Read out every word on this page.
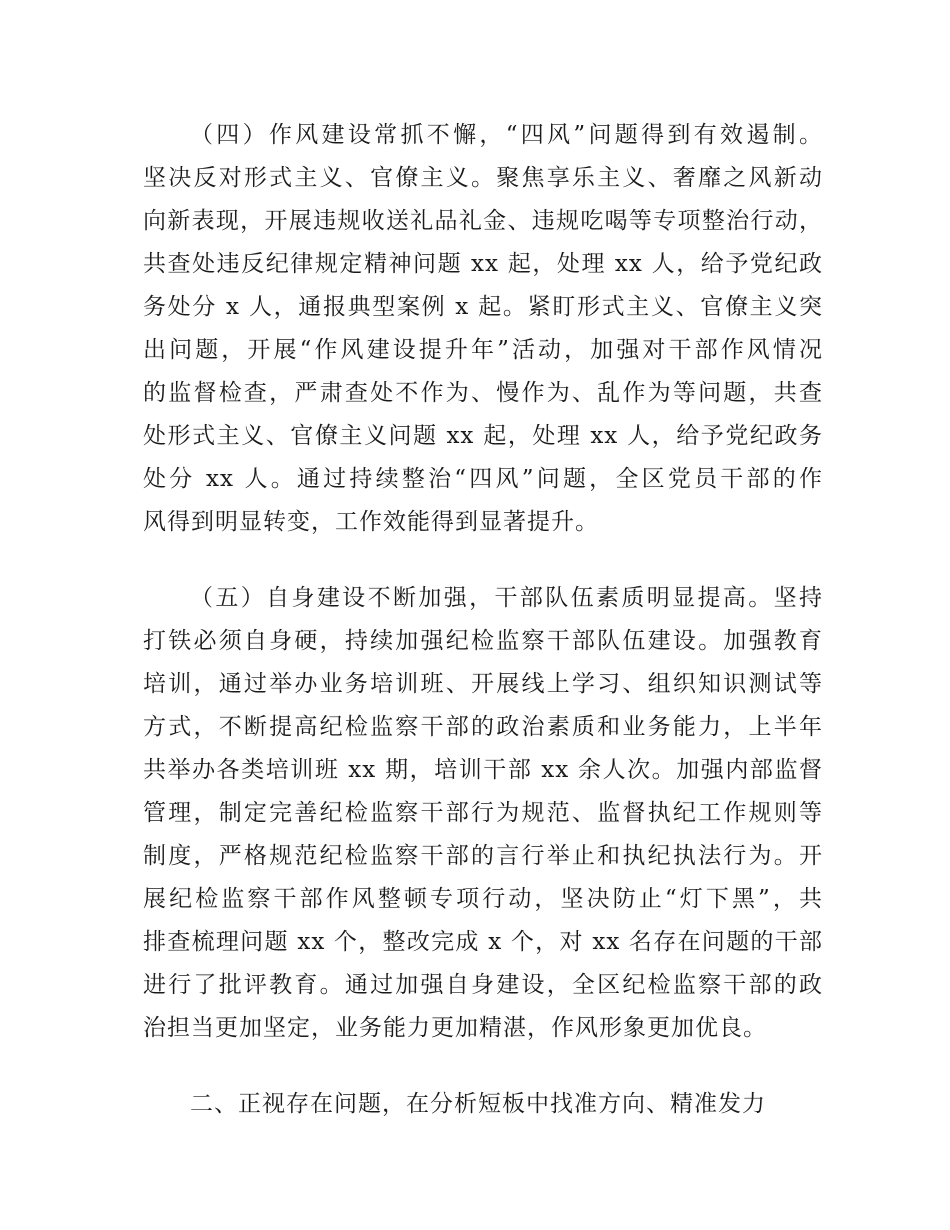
（四）作风建设常抓不懈，“四风”问题得到有效遏制。
坚决反对形式主义、官僚主义。聚焦享乐主义、奢靡之风新动
向新表现，开展违规收送礼品礼金、违规吃喝等专项整治行动，
共查处违反纪律规定精神问题 xx 起，处理 xx 人，给予党纪政
务处分 x 人，通报典型案例 x 起。紧盯形式主义、官僚主义突
出问题，开展“作风建设提升年”活动，加强对干部作风情况
的监督检查，严肃查处不作为、慢作为、乱作为等问题，共查
处形式主义、官僚主义问题 xx 起，处理 xx 人，给予党纪政务
处分 xx 人。通过持续整治“四风”问题，全区党员干部的作
风得到明显转变，工作效能得到显著提升。
（五）自身建设不断加强，干部队伍素质明显提高。坚持
打铁必须自身硬，持续加强纪检监察干部队伍建设。加强教育
培训，通过举办业务培训班、开展线上学习、组织知识测试等
方式，不断提高纪检监察干部的政治素质和业务能力，上半年
共举办各类培训班 xx 期，培训干部 xx 余人次。加强内部监督
管理，制定完善纪检监察干部行为规范、监督执纪工作规则等
制度，严格规范纪检监察干部的言行举止和执纪执法行为。开
展纪检监察干部作风整顿专项行动，坚决防止“灯下黑”，共
排查梳理问题 xx 个，整改完成 x 个，对 xx 名存在问题的干部
进行了批评教育。通过加强自身建设，全区纪检监察干部的政
治担当更加坚定，业务能力更加精湛，作风形象更加优良。
二、正视存在问题，在分析短板中找准方向、精准发力
